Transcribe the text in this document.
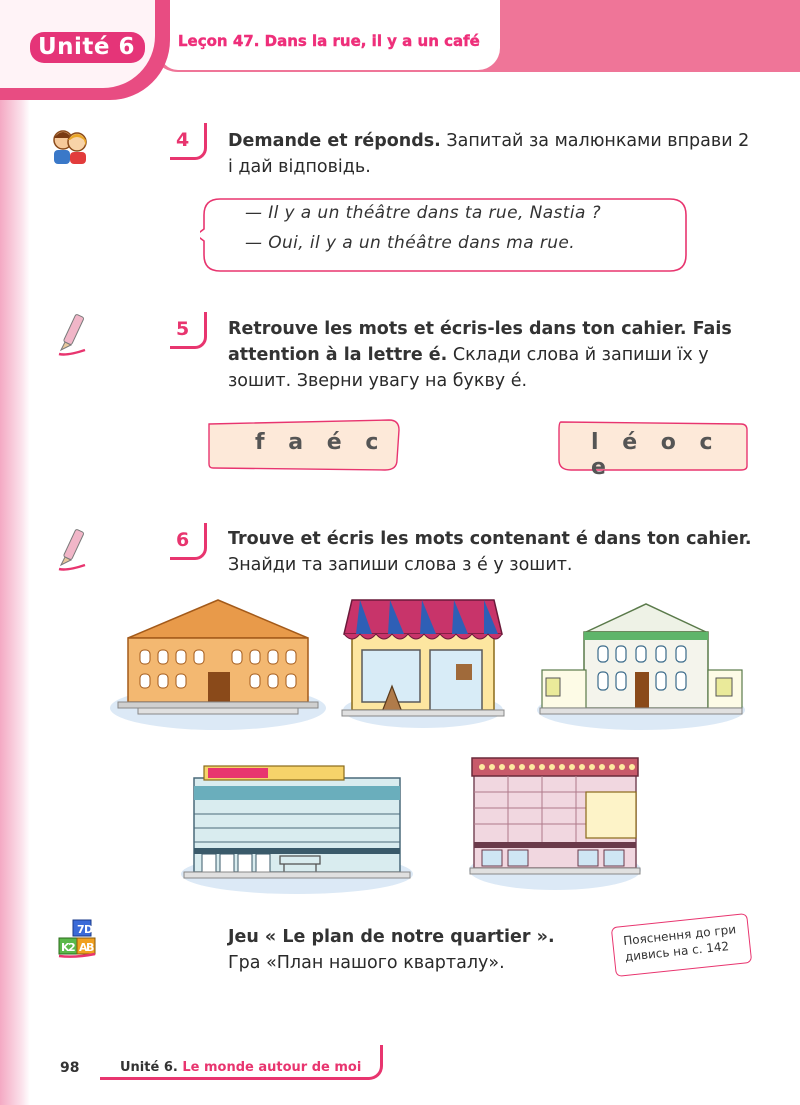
Leçon 47. Dans la rue, il y a un café
Unité 6
4 Demande et réponds. Запитай за малюнками вправи 2 і дай відповідь.
— Il y a un théâtre dans ta rue, Nastia ?
— Oui, il y a un théâtre dans ma rue.
5 Retrouve les mots et écris-les dans ton cahier. Fais attention à la lettre é. Склади слова й запиши їх у зошит. Зверни увагу на букву é.
f a é c	l é o c e
6 Trouve et écris les mots contenant é dans ton cahier. Знайди та запиши слова з é у зошит.
7 D
K
2 A
B
Jeu « Le plan de notre quartier ». Гра «План нашого кварталу».
Пояснення до гри дивись на с. 142
98	Unité 6. Le monde autour de moi
